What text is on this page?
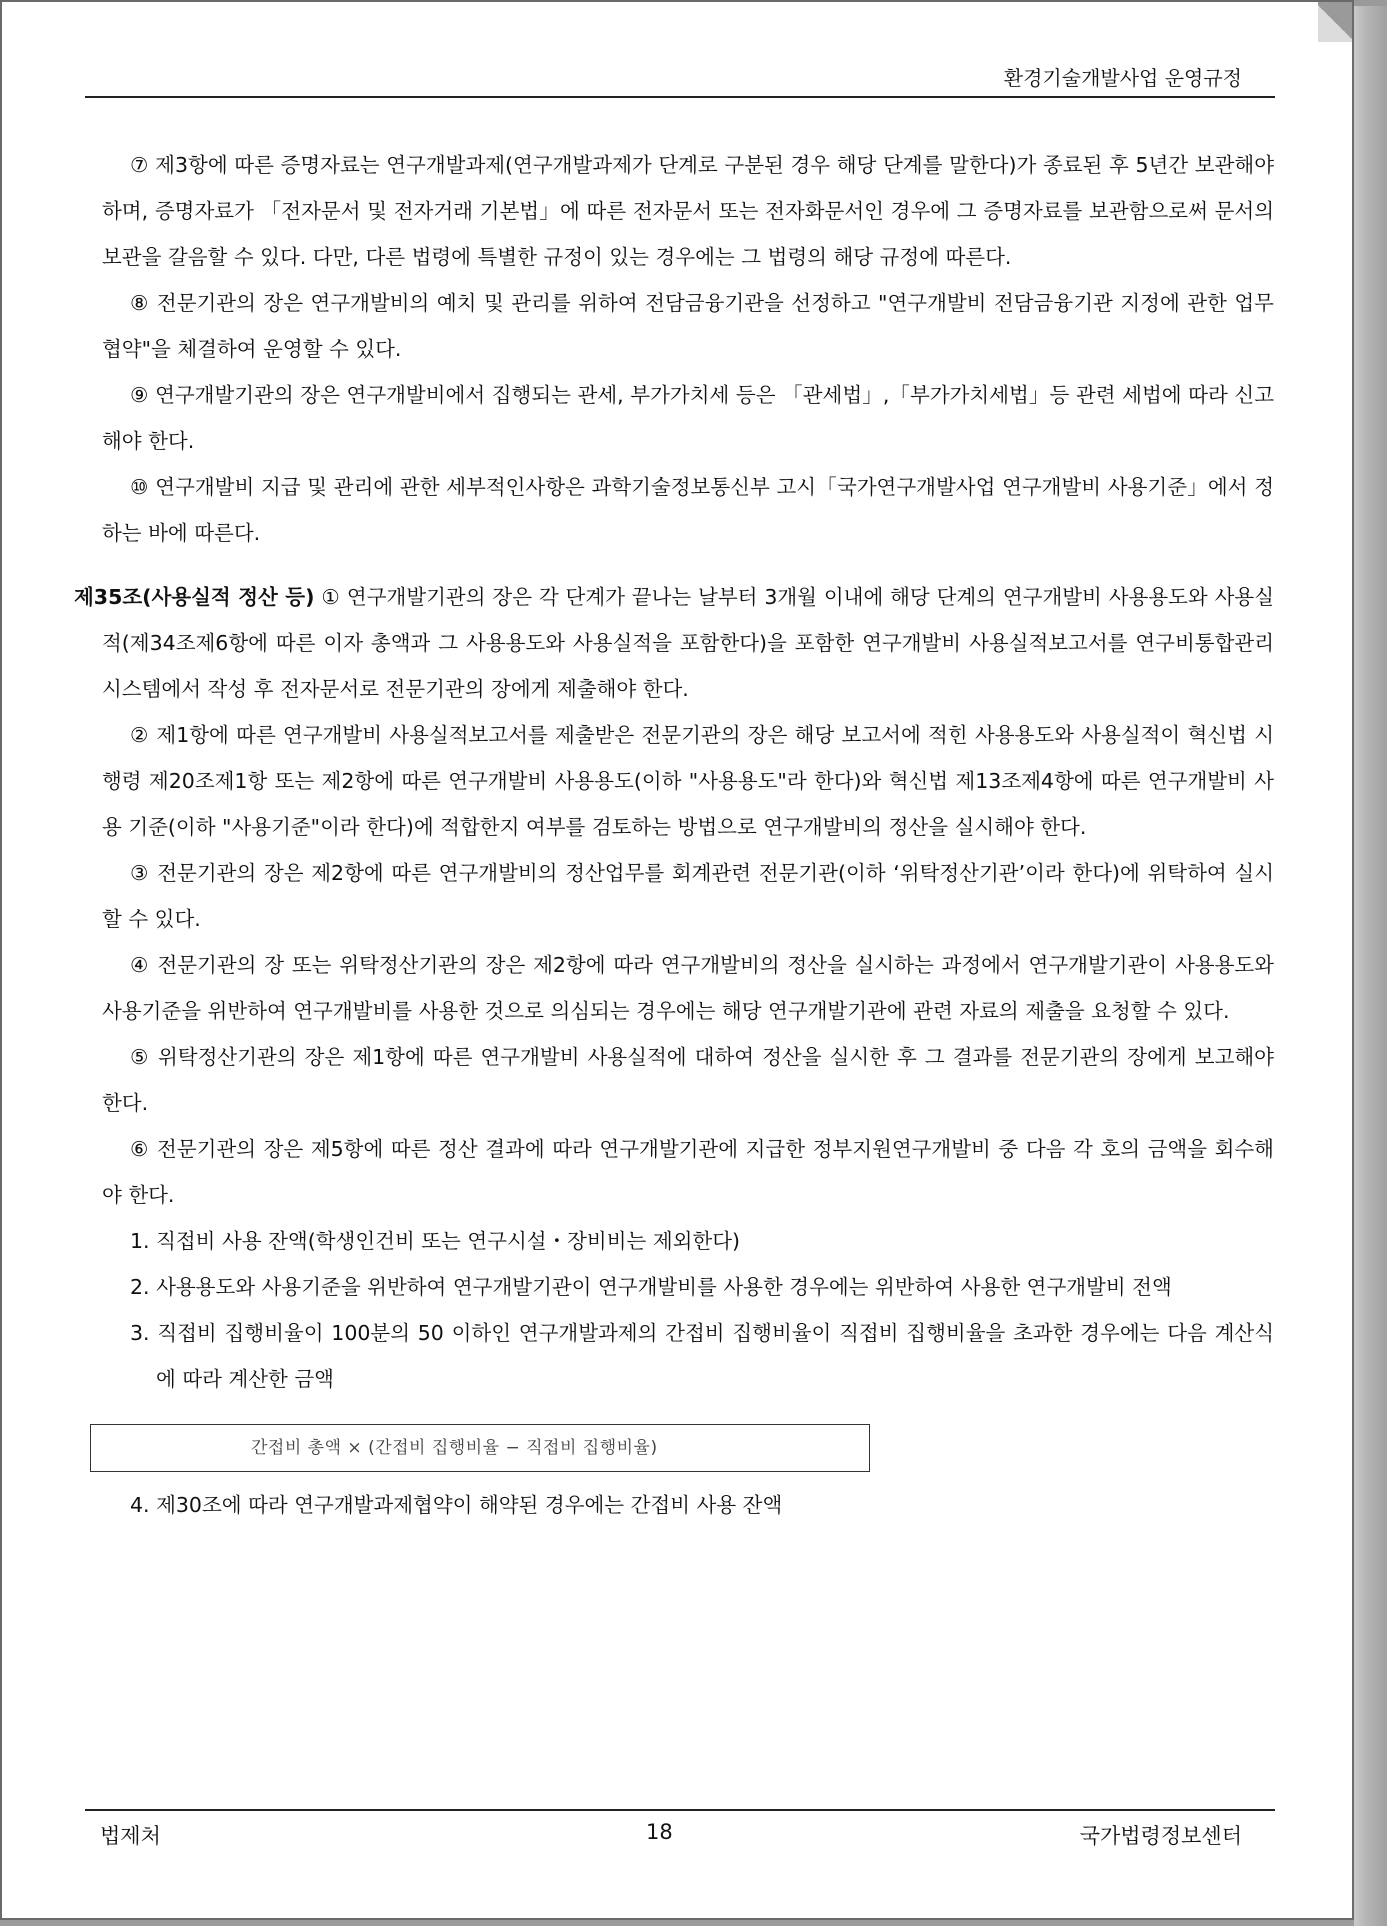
환경기술개발사업 운영규정

⑦ 제3항에 따른 증명자료는 연구개발과제(연구개발과제가 단계로 구분된 경우 해당 단계를 말한다)가 종료된 후 5년간 보관해야 하며, 증명자료가 「전자문서 및 전자거래 기본법」에 따른 전자문서 또는 전자화문서인 경우에 그 증명자료를 보관함으로써 문서의 보관을 갈음할 수 있다. 다만, 다른 법령에 특별한 규정이 있는 경우에는 그 법령의 해당 규정에 따른다.

⑧ 전문기관의 장은 연구개발비의 예치 및 관리를 위하여 전담금융기관을 선정하고 "연구개발비 전담금융기관 지정에 관한 업무협약"을 체결하여 운영할 수 있다.

⑨ 연구개발기관의 장은 연구개발비에서 집행되는 관세, 부가가치세 등은 「관세법」,「부가가치세법」등 관련 세법에 따라 신고해야 한다.

⑩ 연구개발비 지급 및 관리에 관한 세부적인사항은 과학기술정보통신부 고시「국가연구개발사업 연구개발비 사용기준」에서 정하는 바에 따른다.

제35조(사용실적 정산 등) ① 연구개발기관의 장은 각 단계가 끝나는 날부터 3개월 이내에 해당 단계의 연구개발비 사용용도와 사용실적(제34조제6항에 따른 이자 총액과 그 사용용도와 사용실적을 포함한다)을 포함한 연구개발비 사용실적보고서를 연구비통합관리시스템에서 작성 후 전자문서로 전문기관의 장에게 제출해야 한다.

② 제1항에 따른 연구개발비 사용실적보고서를 제출받은 전문기관의 장은 해당 보고서에 적힌 사용용도와 사용실적이 혁신법 시행령 제20조제1항 또는 제2항에 따른 연구개발비 사용용도(이하 "사용용도"라 한다)와 혁신법 제13조제4항에 따른 연구개발비 사용 기준(이하 "사용기준"이라 한다)에 적합한지 여부를 검토하는 방법으로 연구개발비의 정산을 실시해야 한다.

③ 전문기관의 장은 제2항에 따른 연구개발비의 정산업무를 회계관련 전문기관(이하 ‘위탁정산기관’이라 한다)에 위탁하여 실시할 수 있다.

④ 전문기관의 장 또는 위탁정산기관의 장은 제2항에 따라 연구개발비의 정산을 실시하는 과정에서 연구개발기관이 사용용도와 사용기준을 위반하여 연구개발비를 사용한 것으로 의심되는 경우에는 해당 연구개발기관에 관련 자료의 제출을 요청할 수 있다.

⑤ 위탁정산기관의 장은 제1항에 따른 연구개발비 사용실적에 대하여 정산을 실시한 후 그 결과를 전문기관의 장에게 보고해야 한다.

⑥ 전문기관의 장은 제5항에 따른 정산 결과에 따라 연구개발기관에 지급한 정부지원연구개발비 중 다음 각 호의 금액을 회수해야 한다.

1. 직접비 사용 잔액(학생인건비 또는 연구시설・장비비는 제외한다)

2. 사용용도와 사용기준을 위반하여 연구개발기관이 연구개발비를 사용한 경우에는 위반하여 사용한 연구개발비 전액

3. 직접비 집행비율이 100분의 50 이하인 연구개발과제의 간접비 집행비율이 직접비 집행비율을 초과한 경우에는 다음 계산식에 따라 계산한 금액

간접비 총액 × (간접비 집행비율 − 직접비 집행비율)

4. 제30조에 따라 연구개발과제협약이 해약된 경우에는 간접비 사용 잔액

법제처	18	국가법령정보센터
